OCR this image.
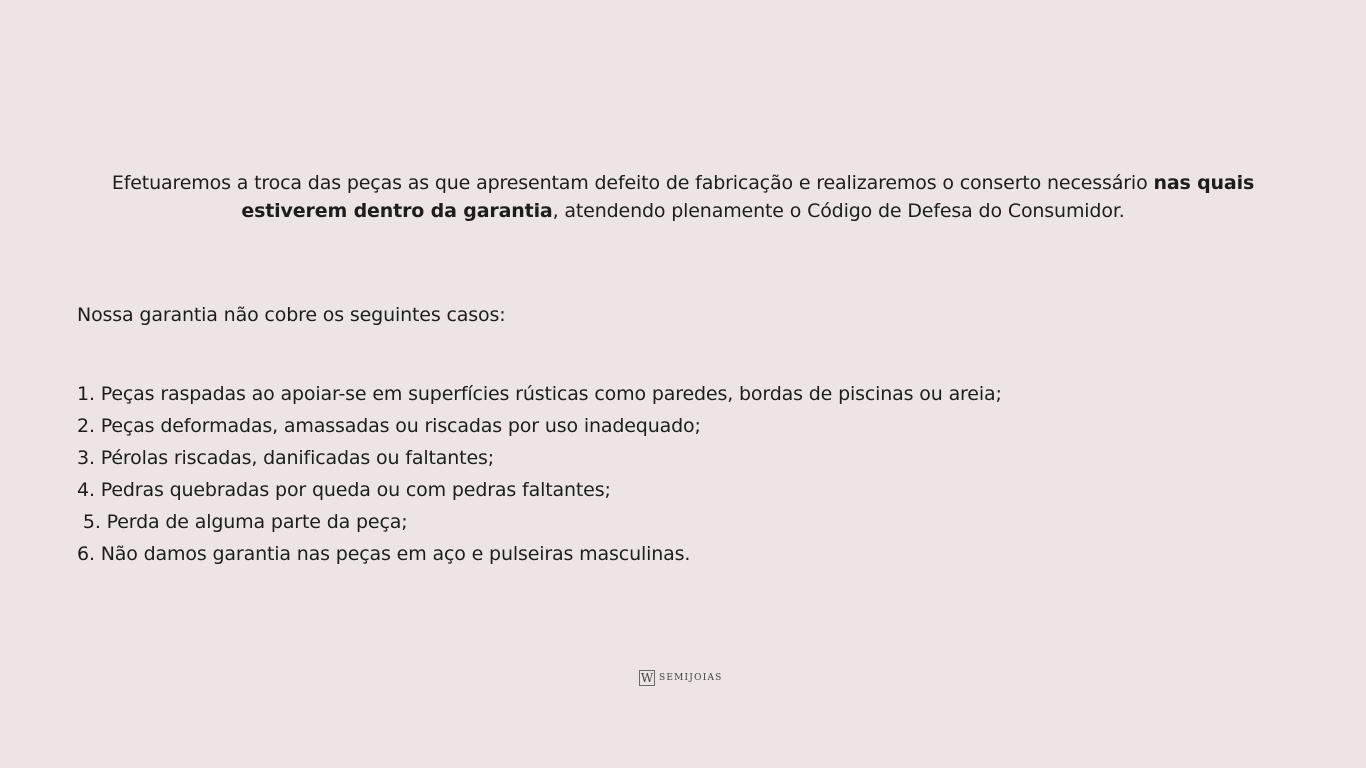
Efetuaremos a troca das peças as que apresentam defeito de fabricação e realizaremos o conserto necessário nas quais estiverem dentro da garantia, atendendo plenamente o Código de Defesa do Consumidor.

Nossa garantia não cobre os seguintes casos:
1. Peças raspadas ao apoiar-se em superfícies rústicas como paredes, bordas de piscinas ou areia;
2. Peças deformadas, amassadas ou riscadas por uso inadequado;
3. Pérolas riscadas, danificadas ou faltantes;
4. Pedras quebradas por queda ou com pedras faltantes;
5. Perda de alguma parte da peça;
6. Não damos garantia nas peças em aço e pulseiras masculinas.
W SEMIJOIAS
